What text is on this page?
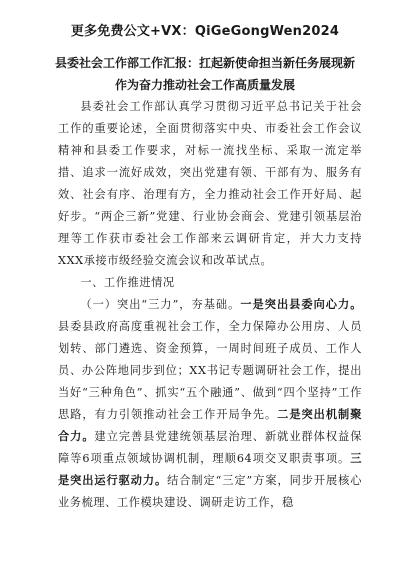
更多免费公文+VX：QiGeGongWen2024
县委社会工作部工作汇报：扛起新使命担当新任务展现新
作为奋力推动社会工作高质量发展

县委社会工作部认真学习贯彻习近平总书记关于社会工作的重要论述，全面贯彻落实中央、市委社会工作会议精神和县委工作要求，对标一流找坐标、采取一流定举措、追求一流好成效，突出党建有领、干部有为、服务有效、社会有序、治理有方，全力推动社会工作开好局、起好步。“两企三新”党建、行业协会商会、党建引领基层治理等工作获市委社会工作部来云调研肯定，并大力支持XXX承接市级经验交流会议和改革试点。

一、工作推进情况

（一）突出“三力”，夯基础。一是突出县委向心力。县委县政府高度重视社会工作，全力保障办公用房、人员划转、部门遴选、资金预算，一周时间班子成员、工作人员、办公阵地同步到位；XX书记专题调研社会工作，提出当好“三种角色”、抓实“五个融通”、做到“四个坚持”工作思路，有力引领推动社会工作开局争先。二是突出机制聚合力。建立完善县党建统领基层治理、新就业群体权益保障等6项重点领域协调机制，理顺64项交叉职责事项。三是突出运行驱动力。结合制定“三定”方案，同步开展核心业务梳理、工作模块建设、调研走访工作，稳
